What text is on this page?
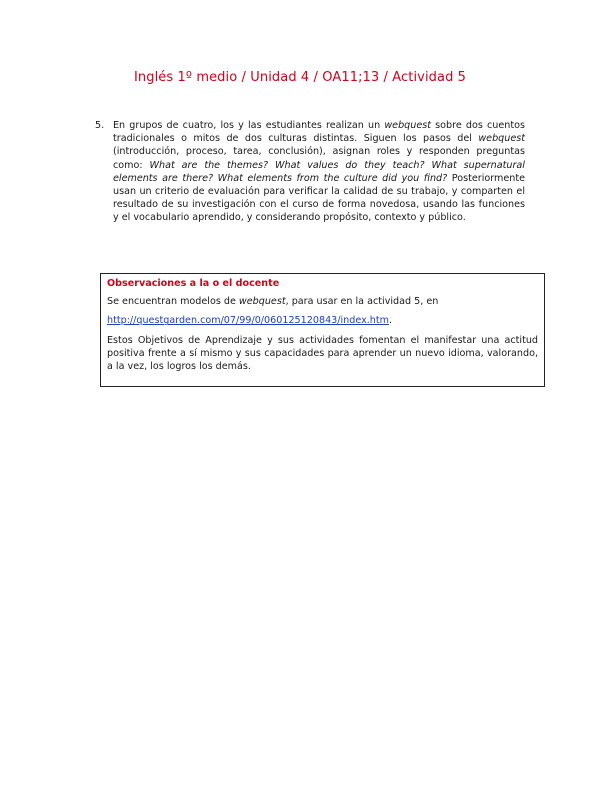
Inglés 1º medio / Unidad 4 / OA11;13 / Actividad 5
5. En grupos de cuatro, los y las estudiantes realizan un webquest sobre dos cuentos tradicionales o mitos de dos culturas distintas. Siguen los pasos del webquest (introducción, proceso, tarea, conclusión), asignan roles y responden preguntas como: What are the themes? What values do they teach? What supernatural elements are there? What elements from the culture did you find? Posteriormente usan un criterio de evaluación para verificar la calidad de su trabajo, y comparten el resultado de su investigación con el curso de forma novedosa, usando las funciones y el vocabulario aprendido, y considerando propósito, contexto y público.

Observaciones a la o el docente

Se encuentran modelos de webquest, para usar en la actividad 5, en

http://questgarden.com/07/99/0/060125120843/index.htm.

Estos Objetivos de Aprendizaje y sus actividades fomentan el manifestar una actitud positiva frente a sí mismo y sus capacidades para aprender un nuevo idioma, valorando, a la vez, los logros los demás.
